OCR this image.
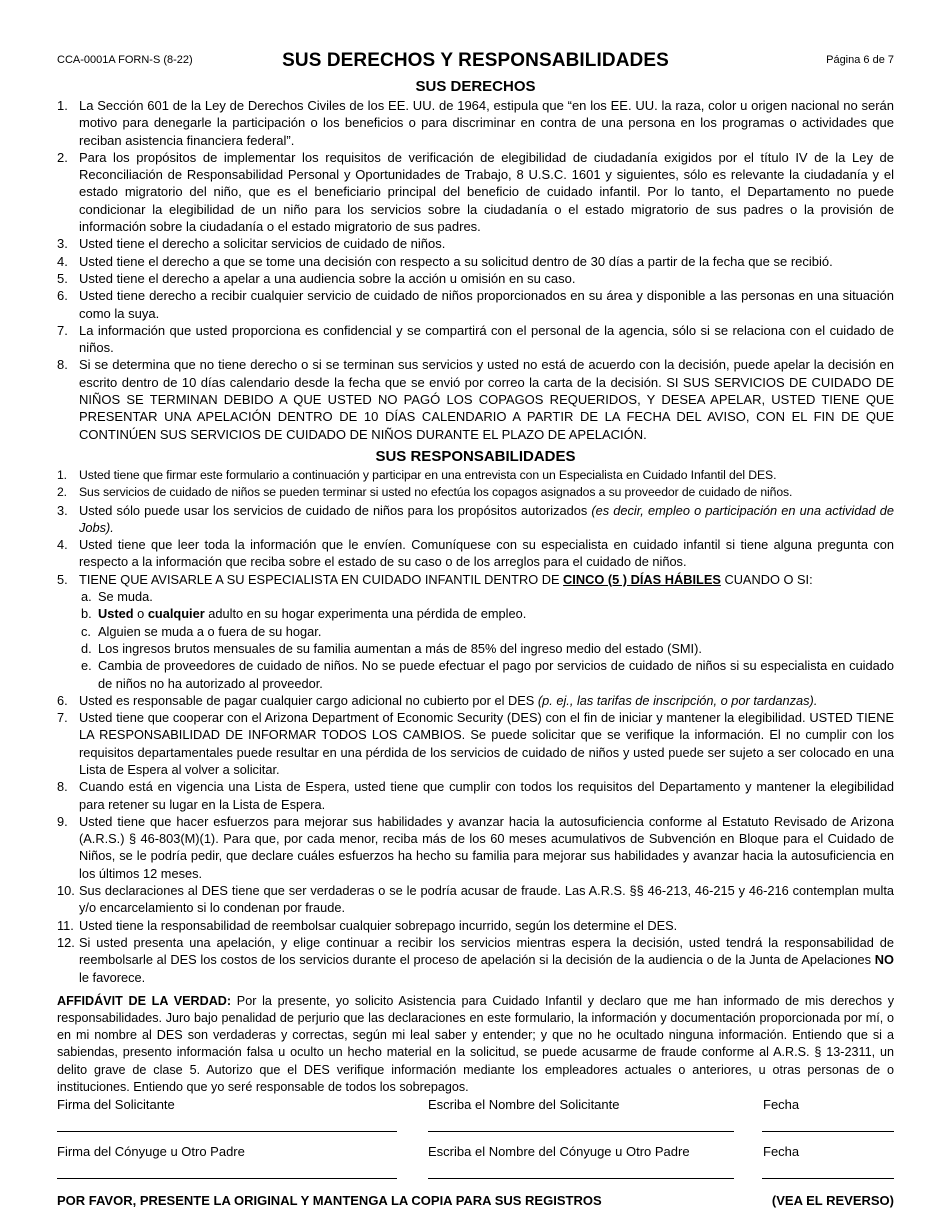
CCA-0001A FORN-S (8-22)	SUS DERECHOS Y RESPONSABILIDADES	Página 6 de 7
SUS DERECHOS
1. La Sección 601 de la Ley de Derechos Civiles de los EE. UU. de 1964, estipula que “en los EE. UU. la raza, color u origen nacional no serán motivo para denegarle la participación o los beneficios o para discriminar en contra de una persona en los programas o actividades que reciban asistencia financiera federal”.
2. Para los propósitos de implementar los requisitos de verificación de elegibilidad de ciudadanía exigidos por el título IV de la Ley de Reconciliación de Responsabilidad Personal y Oportunidades de Trabajo, 8 U.S.C. 1601 y siguientes, sólo es relevante la ciudadanía y el estado migratorio del niño, que es el beneficiario principal del beneficio de cuidado infantil. Por lo tanto, el Departamento no puede condicionar la elegibilidad de un niño para los servicios sobre la ciudadanía o el estado migratorio de sus padres o la provisión de información sobre la ciudadanía o el estado migratorio de sus padres.
3. Usted tiene el derecho a solicitar servicios de cuidado de niños.
4. Usted tiene el derecho a que se tome una decisión con respecto a su solicitud dentro de 30 días a partir de la fecha que se recibió.
5. Usted tiene el derecho a apelar a una audiencia sobre la acción u omisión en su caso.
6. Usted tiene derecho a recibir cualquier servicio de cuidado de niños proporcionados en su área y disponible a las personas en una situación como la suya.
7. La información que usted proporciona es confidencial y se compartirá con el personal de la agencia, sólo si se relaciona con el cuidado de niños.
8. Si se determina que no tiene derecho o si se terminan sus servicios y usted no está de acuerdo con la decisión, puede apelar la decisión en escrito dentro de 10 días calendario desde la fecha que se envió por correo la carta de la decisión. SI SUS SERVICIOS DE CUIDADO DE NIÑOS SE TERMINAN DEBIDO A QUE USTED NO PAGÓ LOS COPAGOS REQUERIDOS, Y DESEA APELAR, USTED TIENE QUE PRESENTAR UNA APELACIÓN DENTRO DE 10 DÍAS CALENDARIO A PARTIR DE LA FECHA DEL AVISO, CON EL FIN DE QUE CONTINÚEN SUS SERVICIOS DE CUIDADO DE NIÑOS DURANTE EL PLAZO DE APELACIÓN.
SUS RESPONSABILIDADES
1. Usted tiene que firmar este formulario a continuación y participar en una entrevista con un Especialista en Cuidado Infantil del DES.
2. Sus servicios de cuidado de niños se pueden terminar si usted no efectúa los copagos asignados a su proveedor de cuidado de niños.
3. Usted sólo puede usar los servicios de cuidado de niños para los propósitos autorizados (es decir, empleo o participación en una actividad de Jobs).
4. Usted tiene que leer toda la información que le envíen. Comuníquese con su especialista en cuidado infantil si tiene alguna pregunta con respecto a la información que reciba sobre el estado de su caso o de los arreglos para el cuidado de niños.
5. TIENE QUE AVISARLE A SU ESPECIALISTA EN CUIDADO INFANTIL DENTRO DE CINCO (5 ) DÍAS HÁBILES CUANDO O SI:
a. Se muda.
b. Usted o cualquier adulto en su hogar experimenta una pérdida de empleo.
c. Alguien se muda a o fuera de su hogar.
d. Los ingresos brutos mensuales de su familia aumentan a más de 85% del ingreso medio del estado (SMI).
e. Cambia de proveedores de cuidado de niños. No se puede efectuar el pago por servicios de cuidado de niños si su especialista en cuidado de niños no ha autorizado al proveedor.
6. Usted es responsable de pagar cualquier cargo adicional no cubierto por el DES (p. ej., las tarifas de inscripción, o por tardanzas).
7. Usted tiene que cooperar con el Arizona Department of Economic Security (DES) con el fin de iniciar y mantener la elegibilidad. USTED TIENE LA RESPONSABILIDAD DE INFORMAR TODOS LOS CAMBIOS. Se puede solicitar que se verifique la información. El no cumplir con los requisitos departamentales puede resultar en una pérdida de los servicios de cuidado de niños y usted puede ser sujeto a ser colocado en una Lista de Espera al volver a solicitar.
8. Cuando está en vigencia una Lista de Espera, usted tiene que cumplir con todos los requisitos del Departamento y mantener la elegibilidad para retener su lugar en la Lista de Espera.
9. Usted tiene que hacer esfuerzos para mejorar sus habilidades y avanzar hacia la autosuficiencia conforme al Estatuto Revisado de Arizona (A.R.S.) § 46-803(M)(1). Para que, por cada menor, reciba más de los 60 meses acumulativos de Subvención en Bloque para el Cuidado de Niños, se le podría pedir, que declare cuáles esfuerzos ha hecho su familia para mejorar sus habilidades y avanzar hacia la autosuficiencia en los últimos 12 meses.
10. Sus declaraciones al DES tiene que ser verdaderas o se le podría acusar de fraude. Las A.R.S. §§ 46-213, 46-215 y 46-216 contemplan multa y/o encarcelamiento si lo condenan por fraude.
11. Usted tiene la responsabilidad de reembolsar cualquier sobrepago incurrido, según los determine el DES.
12. Si usted presenta una apelación, y elige continuar a recibir los servicios mientras espera la decisión, usted tendrá la responsabilidad de reembolsarle al DES los costos de los servicios durante el proceso de apelación si la decisión de la audiencia o de la Junta de Apelaciones NO le favorece.
AFFIDÁVIT DE LA VERDAD: Por la presente, yo solicito Asistencia para Cuidado Infantil y declaro que me han informado de mis derechos y responsabilidades. Juro bajo penalidad de perjurio que las declaraciones en este formulario, la información y documentación proporcionada por mí, o en mi nombre al DES son verdaderas y correctas, según mi leal saber y entender; y que no he ocultado ninguna información. Entiendo que si a sabiendas, presento información falsa u oculto un hecho material en la solicitud, se puede acusarme de fraude conforme al A.R.S. § 13-2311, un delito grave de clase 5. Autorizo que el DES verifique información mediante los empleadores actuales o anteriores, u otras personas de o instituciones. Entiendo que yo seré responsable de todos los sobrepagos.
Firma del Solicitante	Escriba el Nombre del Solicitante	Fecha
Firma del Cónyuge u Otro Padre	Escriba el Nombre del Cónyuge u Otro Padre	Fecha
POR FAVOR, PRESENTE LA ORIGINAL Y MANTENGA LA COPIA PARA SUS REGISTROS	(VEA EL REVERSO)
